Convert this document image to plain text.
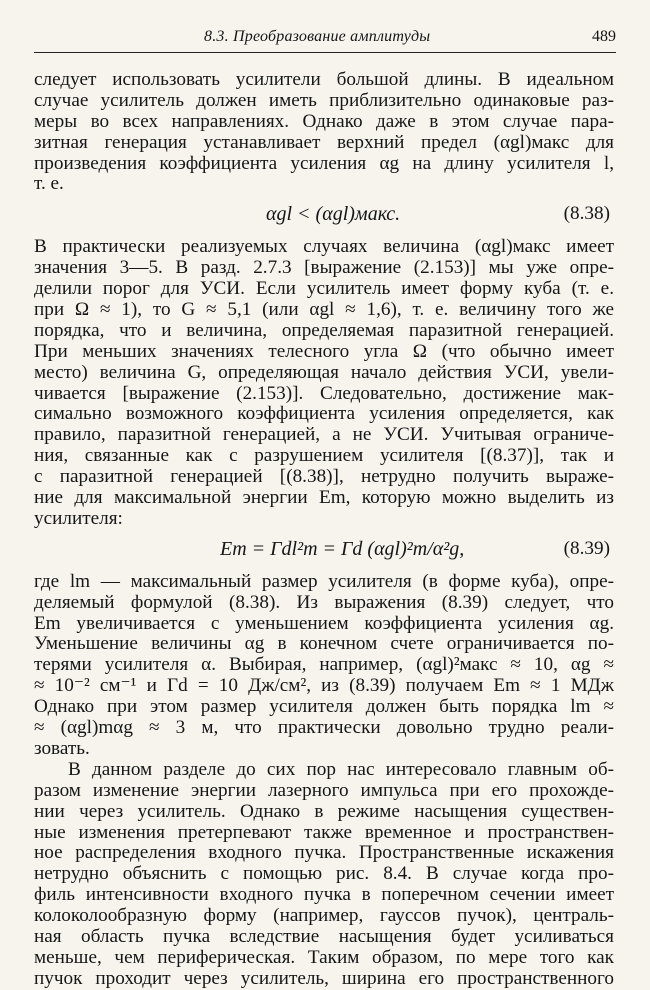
8.3. Преобразование амплитуды	489
следует использовать усилители большой длины. В идеальном
случае усилитель должен иметь приблизительно одинаковые раз-
меры во всех направлениях. Однако даже в этом случае пара-
зитная генерация устанавливает верхний предел (αgl)макс для
произведения коэффициента усиления αg на длину усилителя l,
т. е.
αgl < (αgl)макс.	(8.38)
В практически реализуемых случаях величина (αgl)макс имеет
значения 3—5. В разд. 2.7.3 [выражение (2.153)] мы уже опре-
делили порог для УСИ. Если усилитель имеет форму куба (т. е.
при Ω ≈ 1), то G ≈ 5,1 (или αgl ≈ 1,6), т. е. величину того же
порядка, что и величина, определяемая паразитной генерацией.
При меньших значениях телесного угла Ω (что обычно имеет
место) величина G, определяющая начало действия УСИ, увели-
чивается [выражение (2.153)]. Следовательно, достижение мак-
симально возможного коэффициента усиления определяется, как
правило, паразитной генерацией, а не УСИ. Учитывая ограниче-
ния, связанные как с разрушением усилителя [(8.37)], так и
с паразитной генерацией [(8.38)], нетрудно получить выраже-
ние для максимальной энергии Em, которую можно выделить из
усилителя:
Em = Γdl²m = Γd (αgl)²m/α²g,	(8.39)
где lm — максимальный размер усилителя (в форме куба), опре-
деляемый формулой (8.38). Из выражения (8.39) следует, что
Em увеличивается с уменьшением коэффициента усиления αg.
Уменьшение величины αg в конечном счете ограничивается по-
терями усилителя α. Выбирая, например, (αgl)²макс ≈ 10, αg ≈
≈ 10⁻² см⁻¹ и Γd = 10 Дж/см², из (8.39) получаем Em ≈ 1 МДж
Однако при этом размер усилителя должен быть порядка lm ≈
≈ (αgl)mαg ≈ 3 м, что практически довольно трудно реали-
зовать.
В данном разделе до сих пор нас интересовало главным об-
разом изменение энергии лазерного импульса при его прохожде-
нии через усилитель. Однако в режиме насыщения существен-
ные изменения претерпевают также временное и пространствен-
ное распределения входного пучка. Пространственные искажения
нетрудно объяснить с помощью рис. 8.4. В случае когда про-
филь интенсивности входного пучка в поперечном сечении имеет
колоколообразную форму (например, гауссов пучок), централь-
ная область пучка вследствие насыщения будет усиливаться
меньше, чем периферическая. Таким образом, по мере того как
пучок проходит через усилитель, ширина его пространственного
